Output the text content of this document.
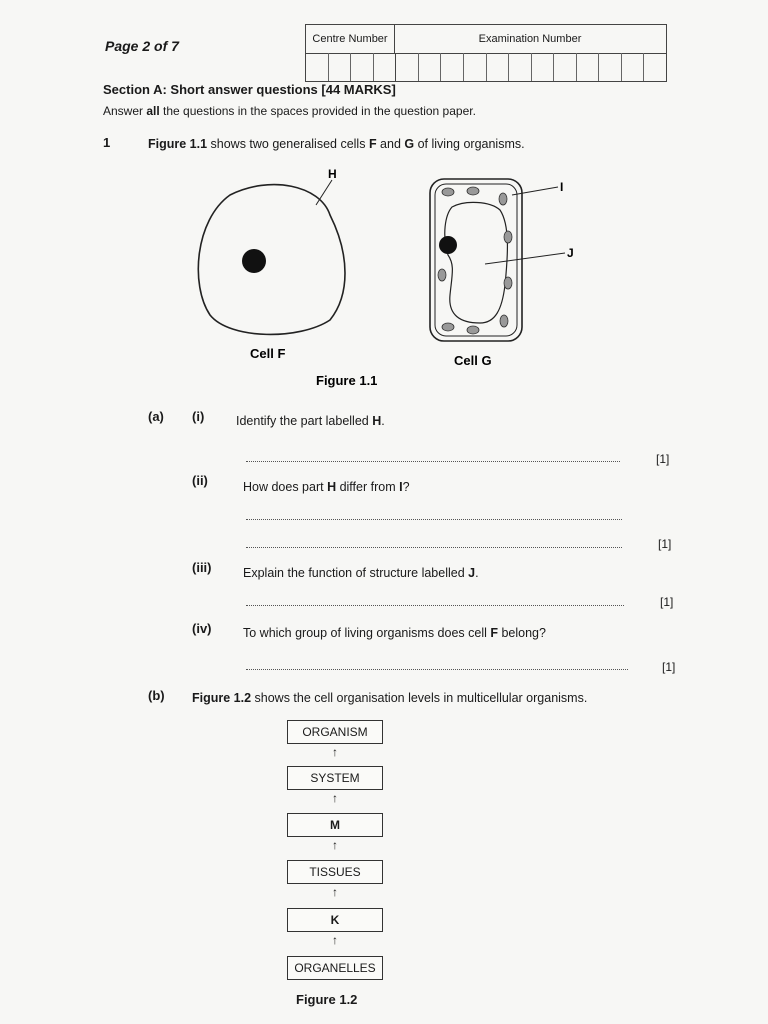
Page 2 of 7	Centre Number	Examination Number
Section A: Short answer questions [44 MARKS]
Answer all the questions in the spaces provided in the question paper.
1	Figure 1.1 shows two generalised cells F and G of living organisms.
H
Cell F
I
J
Cell G
Figure 1.1
(a) (i)	Identify the part labelled H.
[1]
(ii)	How does part H differ from I?
[1]
(iii)	Explain the function of structure labelled J.
[1]
(iv)	To which group of living organisms does cell F belong?
[1]
(b) Figure 1.2 shows the cell organisation levels in multicellular organisms.
ORGANISM
↑
SYSTEM
↑
M
↑
TISSUES
↑
K
↑
ORGANELLES
Figure 1.2
